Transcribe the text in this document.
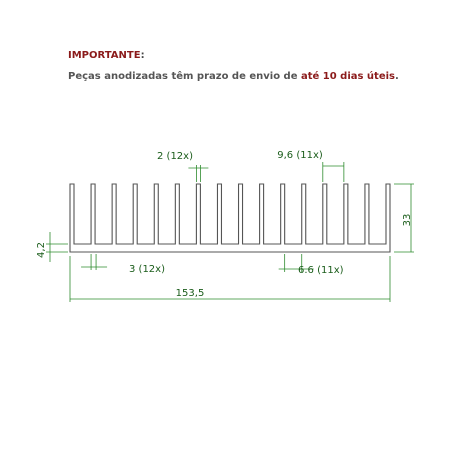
IMPORTANTE:
Peças anodizadas têm prazo de envio de até 10 dias úteis.
2 (12x)	9,6 (11x)
33
4,2
3 (12x)	6.6 (11x)
153,5
